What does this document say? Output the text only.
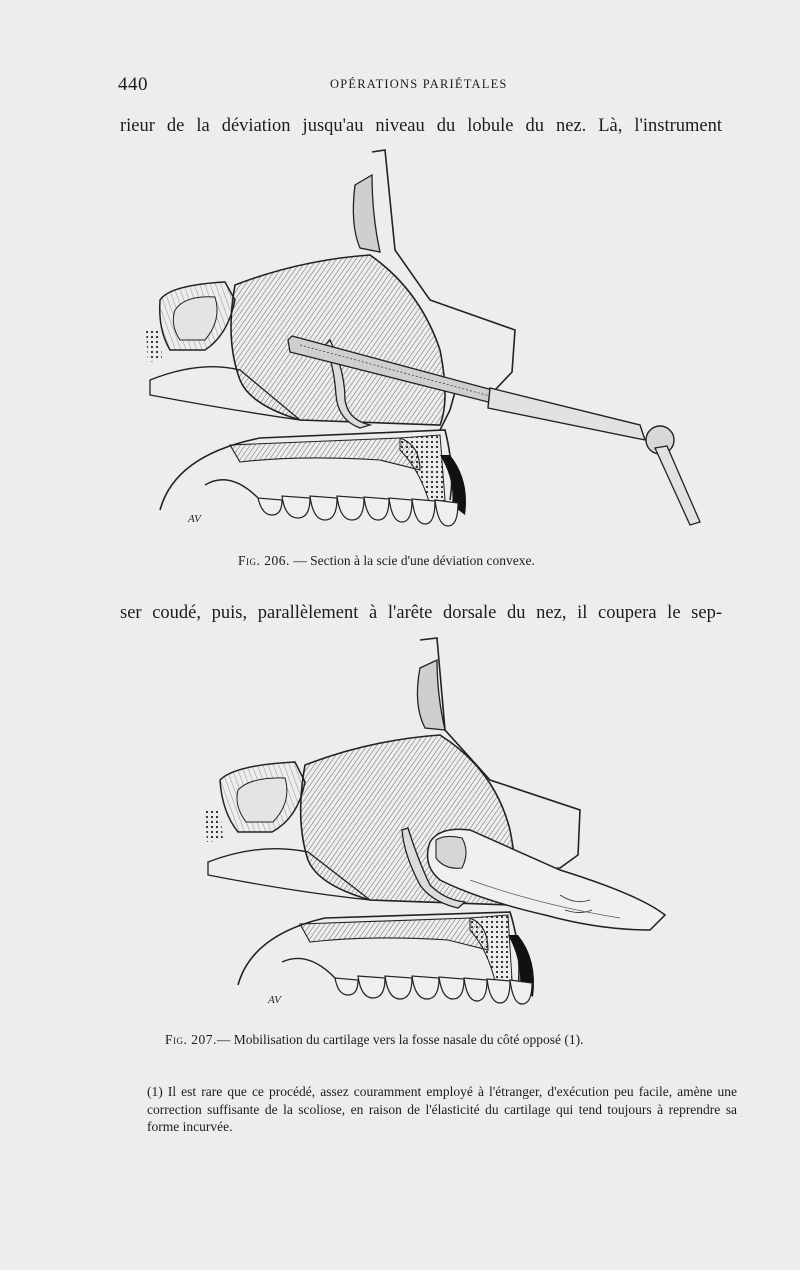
440	OPÉRATIONS PARIÉTALES
rieur de la déviation jusqu'au niveau du lobule du nez. Là, l'instrument
AV
Fig. 206. — Section à la scie d'une déviation convexe.
ser coudé, puis, parallèlement à l'arête dorsale du nez, il coupera le sep-
AV
Fig. 207.— Mobilisation du cartilage vers la fosse nasale du côté opposé (1).

(1) Il est rare que ce procédé, assez couramment employé à l'étranger, d'exécution peu facile, amène une correction suffisante de la scoliose, en raison de l'élasticité du cartilage qui tend toujours à reprendre sa forme incurvée.
